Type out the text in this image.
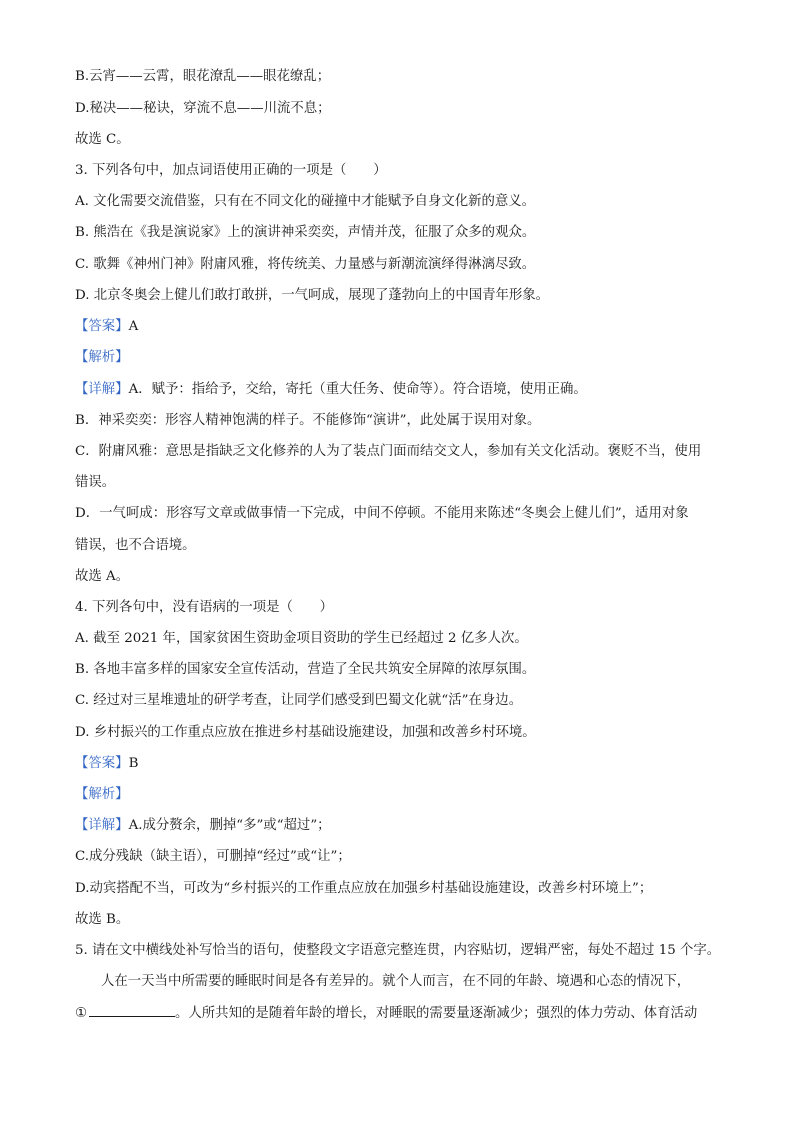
B.云宵——云霄，眼花潦乱——眼花缭乱；
D.秘决——秘诀，穿流不息——川流不息；
故选 C。
3. 下列各句中，加点词语使用正确的一项是（　　）
A. 文化需要交流借鉴，只有在不同文化的碰撞中才能赋予自身文化新的意义。
B. 熊浩在《我是演说家》上的演讲神采奕奕，声情并茂，征服了众多的观众。
C. 歌舞《神州门神》附庸风雅，将传统美、力量感与新潮流演绎得淋漓尽致。
D. 北京冬奥会上健儿们敢打敢拼，一气呵成，展现了蓬勃向上的中国青年形象。
【答案】A
【解析】
【详解】A．赋予：指给予，交给，寄托（重大任务、使命等）。符合语境，使用正确。
B．神采奕奕：形容人精神饱满的样子。不能修饰“演讲”，此处属于误用对象。
C．附庸风雅：意思是指缺乏文化修养的人为了装点门面而结交文人，参加有关文化活动。褒贬不当，使用
错误。
D．一气呵成：形容写文章或做事情一下完成，中间不停顿。不能用来陈述“冬奥会上健儿们”，适用对象
错误，也不合语境。
故选 A。
4. 下列各句中，没有语病的一项是（　　）
A. 截至 2021 年，国家贫困生资助金项目资助的学生已经超过 2 亿多人次。
B. 各地丰富多样的国家安全宣传活动，营造了全民共筑安全屏障的浓厚氛围。
C. 经过对三星堆遗址的研学考查，让同学们感受到巴蜀文化就“活”在身边。
D. 乡村振兴的工作重点应放在推进乡村基础设施建设，加强和改善乡村环境。
【答案】B
【解析】
【详解】A.成分赘余，删掉“多”或“超过”；
C.成分残缺（缺主语），可删掉“经过”或“让”；
D.动宾搭配不当，可改为“乡村振兴的工作重点应放在加强乡村基础设施建设，改善乡村环境上”；
故选 B。
5. 请在文中横线处补写恰当的语句，使整段文字语意完整连贯，内容贴切，逻辑严密，每处不超过 15 个字。
人在一天当中所需要的睡眠时间是各有差异的。就个人而言，在不同的年龄、境遇和心态的情况下，
①	。人所共知的是随着年龄的增长，对睡眠的需要量逐渐减少；强烈的体力劳动、体育活动
